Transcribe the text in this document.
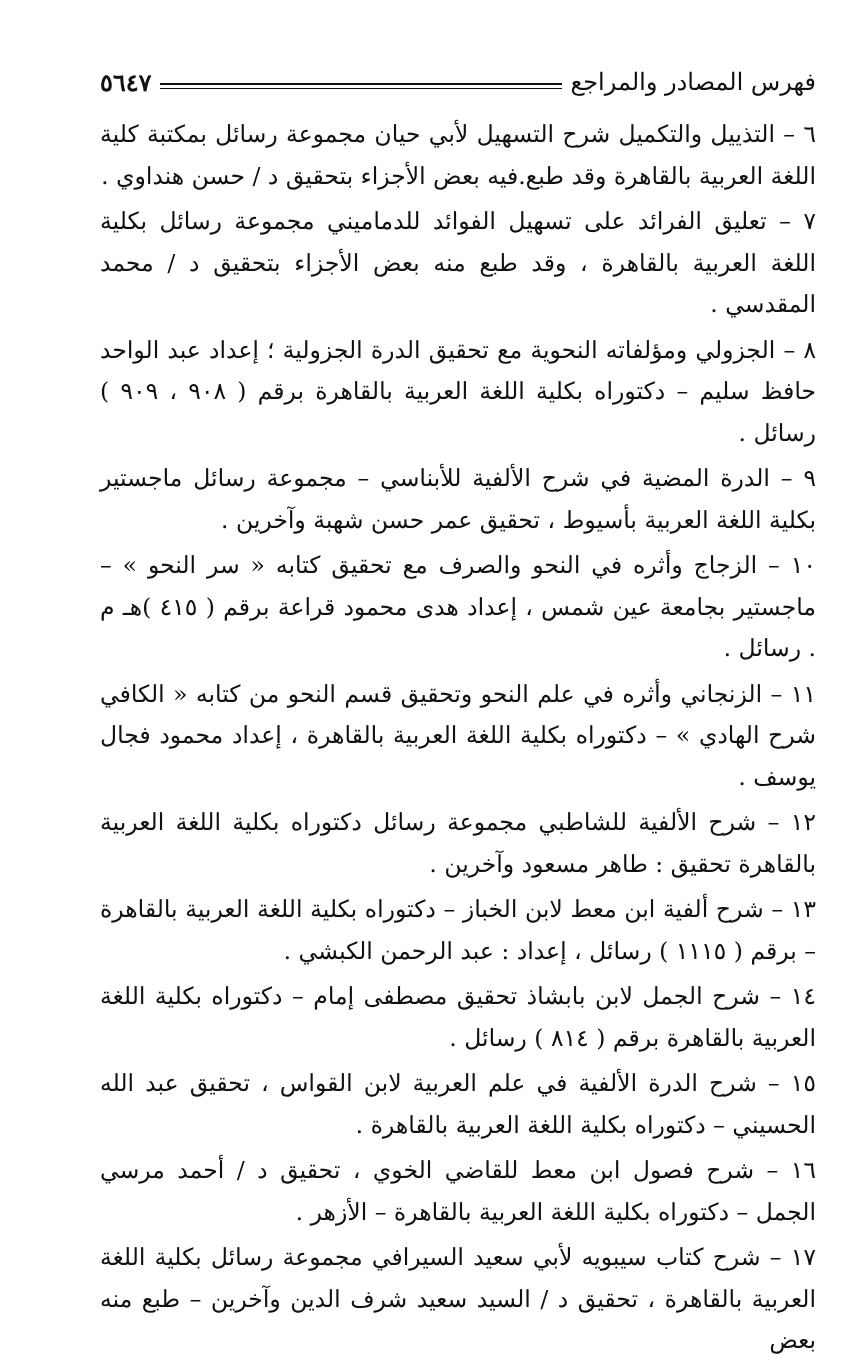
فهرس المصادر والمراجع
٥٦٤٧

٦ – التذييل والتكميل شرح التسهيل لأبي حيان مجموعة رسائل بمكتبة كلية اللغة العربية بالقاهرة وقد طبع.فيه بعض الأجزاء بتحقيق د / حسن هنداوي .

٧ – تعليق الفرائد على تسهيل الفوائد للدماميني مجموعة رسائل بكلية اللغة العربية بالقاهرة ، وقد طبع منه بعض الأجزاء بتحقيق د / محمد المقدسي .

٨ – الجزولي ومؤلفاته النحوية مع تحقيق الدرة الجزولية ؛ إعداد عبد الواحد حافظ سليم – دكتوراه بكلية اللغة العربية بالقاهرة برقم ( ٩٠٨ ، ٩٠٩ ) رسائل .

٩ – الدرة المضية في شرح الألفية للأبناسي – مجموعة رسائل ماجستير بكلية اللغة العربية بأسيوط ، تحقيق عمر حسن شهبة وآخرين .

١٠ – الزجاج وأثره في النحو والصرف مع تحقيق كتابه « سر النحو » – ماجستير بجامعة عين شمس ، إعداد هدى محمود قراعة برقم ( ٤١٥ )هـ م . رسائل .

١١ – الزنجاني وأثره في علم النحو وتحقيق قسم النحو من كتابه « الكافي شرح الهادي » – دكتوراه بكلية اللغة العربية بالقاهرة ، إعداد محمود فجال يوسف .

١٢ – شرح الألفية للشاطبي مجموعة رسائل دكتوراه بكلية اللغة العربية بالقاهرة تحقيق : طاهر مسعود وآخرين .

١٣ – شرح ألفية ابن معط لابن الخباز – دكتوراه بكلية اللغة العربية بالقاهرة – برقم ( ١١١٥ ) رسائل ، إعداد : عبد الرحمن الكبشي .

١٤ – شرح الجمل لابن بابشاذ تحقيق مصطفى إمام – دكتوراه بكلية اللغة العربية بالقاهرة برقم ( ٨١٤ ) رسائل .

١٥ – شرح الدرة الألفية في علم العربية لابن القواس ، تحقيق عبد الله الحسيني – دكتوراه بكلية اللغة العربية بالقاهرة .

١٦ – شرح فصول ابن معط للقاضي الخوي ، تحقيق د / أحمد مرسي الجمل – دكتوراه بكلية اللغة العربية بالقاهرة – الأزهر .

١٧ – شرح كتاب سيبويه لأبي سعيد السيرافي مجموعة رسائل بكلية اللغة العربية بالقاهرة ، تحقيق د / السيد سعيد شرف الدين وآخرين – طبع منه بعض
